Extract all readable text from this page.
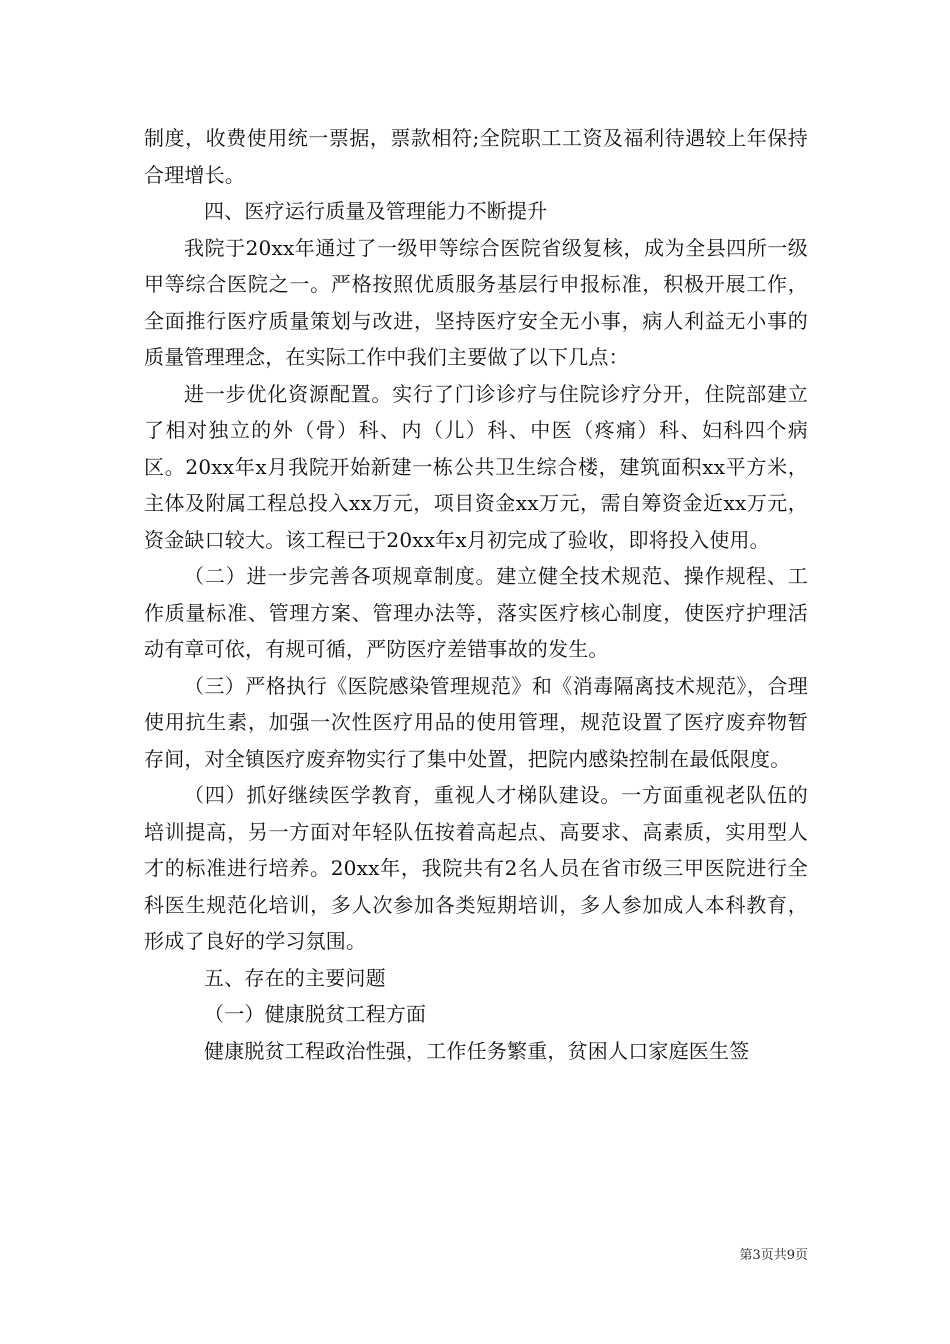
制度，收费使用统一票据，票款相符;全院职工工资及福利待遇较上年保持合理增长。

四、医疗运行质量及管理能力不断提升

我院于20xx年通过了一级甲等综合医院省级复核，成为全县四所一级甲等综合医院之一。严格按照优质服务基层行申报标准，积极开展工作，全面推行医疗质量策划与改进，坚持医疗安全无小事，病人利益无小事的质量管理理念，在实际工作中我们主要做了以下几点：

进一步优化资源配置。实行了门诊诊疗与住院诊疗分开，住院部建立了相对独立的外（骨）科、内（儿）科、中医（疼痛）科、妇科四个病区。20xx年x月我院开始新建一栋公共卫生综合楼，建筑面积xx平方米，主体及附属工程总投入xx万元，项目资金xx万元，需自筹资金近xx万元，资金缺口较大。该工程已于20xx年x月初完成了验收，即将投入使用。

（二）进一步完善各项规章制度。建立健全技术规范、操作规程、工作质量标准、管理方案、管理办法等，落实医疗核心制度，使医疗护理活动有章可依，有规可循，严防医疗差错事故的发生。

（三）严格执行《医院感染管理规范》和《消毒隔离技术规范》，合理使用抗生素，加强一次性医疗用品的使用管理，规范设置了医疗废弃物暂存间，对全镇医疗废弃物实行了集中处置，把院内感染控制在最低限度。

（四）抓好继续医学教育，重视人才梯队建设。一方面重视老队伍的培训提高，另一方面对年轻队伍按着高起点、高要求、高素质，实用型人才的标准进行培养。20xx年，我院共有2名人员在省市级三甲医院进行全科医生规范化培训，多人次参加各类短期培训，多人参加成人本科教育，形成了良好的学习氛围。

五、存在的主要问题

（一）健康脱贫工程方面

健康脱贫工程政治性强，工作任务繁重，贫困人口家庭医生签

第3页共9页
